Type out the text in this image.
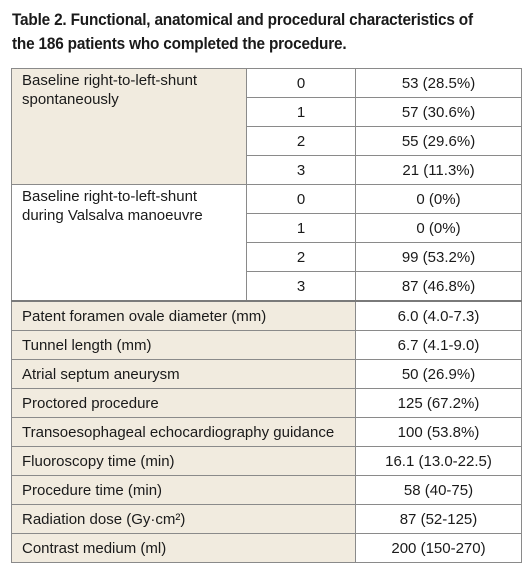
Table 2. Functional, anatomical and procedural characteristics of
the 186 patients who completed the procedure.
Baseline right-to-left-shunt spontaneously	0	53 (28.5%)
	1	57 (30.6%)
	2	55 (29.6%)
	3	21 (11.3%)
Baseline right-to-left-shunt during Valsalva manoeuvre	0	0 (0%)
	1	0 (0%)
	2	99 (53.2%)
	3	87 (46.8%)
Patent foramen ovale diameter (mm)		6.0 (4.0-7.3)
Tunnel length (mm)		6.7 (4.1-9.0)
Atrial septum aneurysm		50 (26.9%)
Proctored procedure		125 (67.2%)
Transoesophageal echocardiography guidance		100 (53.8%)
Fluoroscopy time (min)		16.1 (13.0-22.5)
Procedure time (min)		58 (40-75)
Radiation dose (Gy·cm²)		87 (52-125)
Contrast medium (ml)		200 (150-270)
